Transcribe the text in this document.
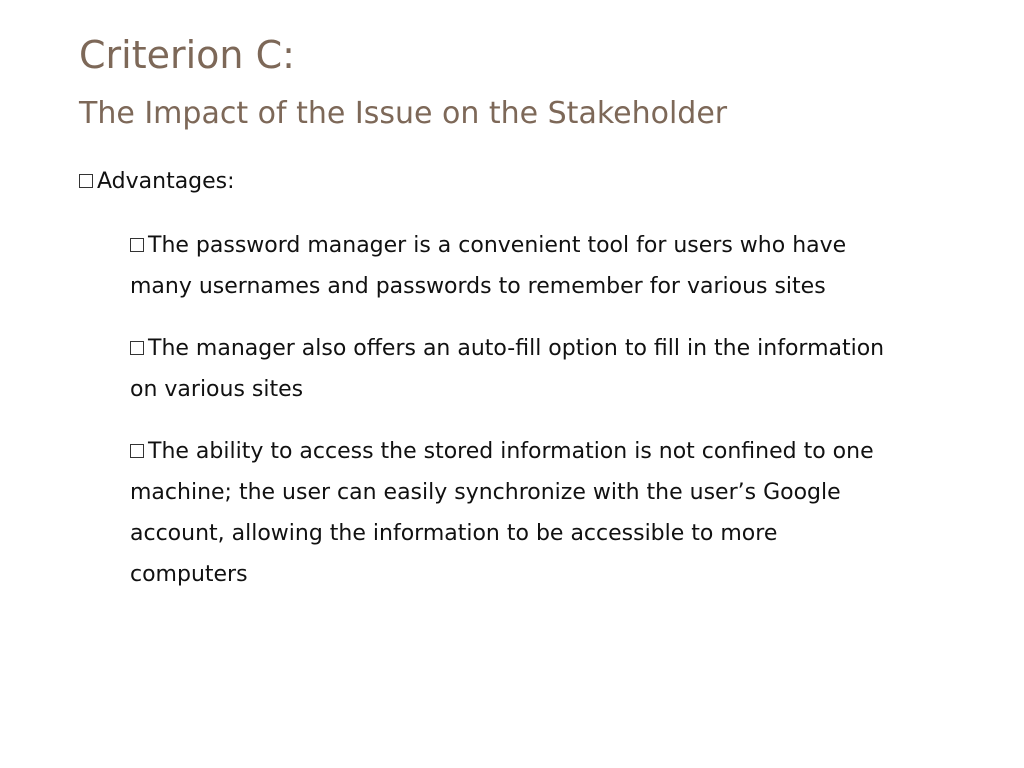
Criterion C:
The Impact of the Issue on the Stakeholder
Advantages:
The password manager is a convenient tool for users who have many usernames and passwords to remember for various sites
The manager also offers an auto-fill option to fill in the information on various sites
The ability to access the stored information is not confined to one machine; the user can easily synchronize with the user’s Google account, allowing the information to be accessible to more computers
